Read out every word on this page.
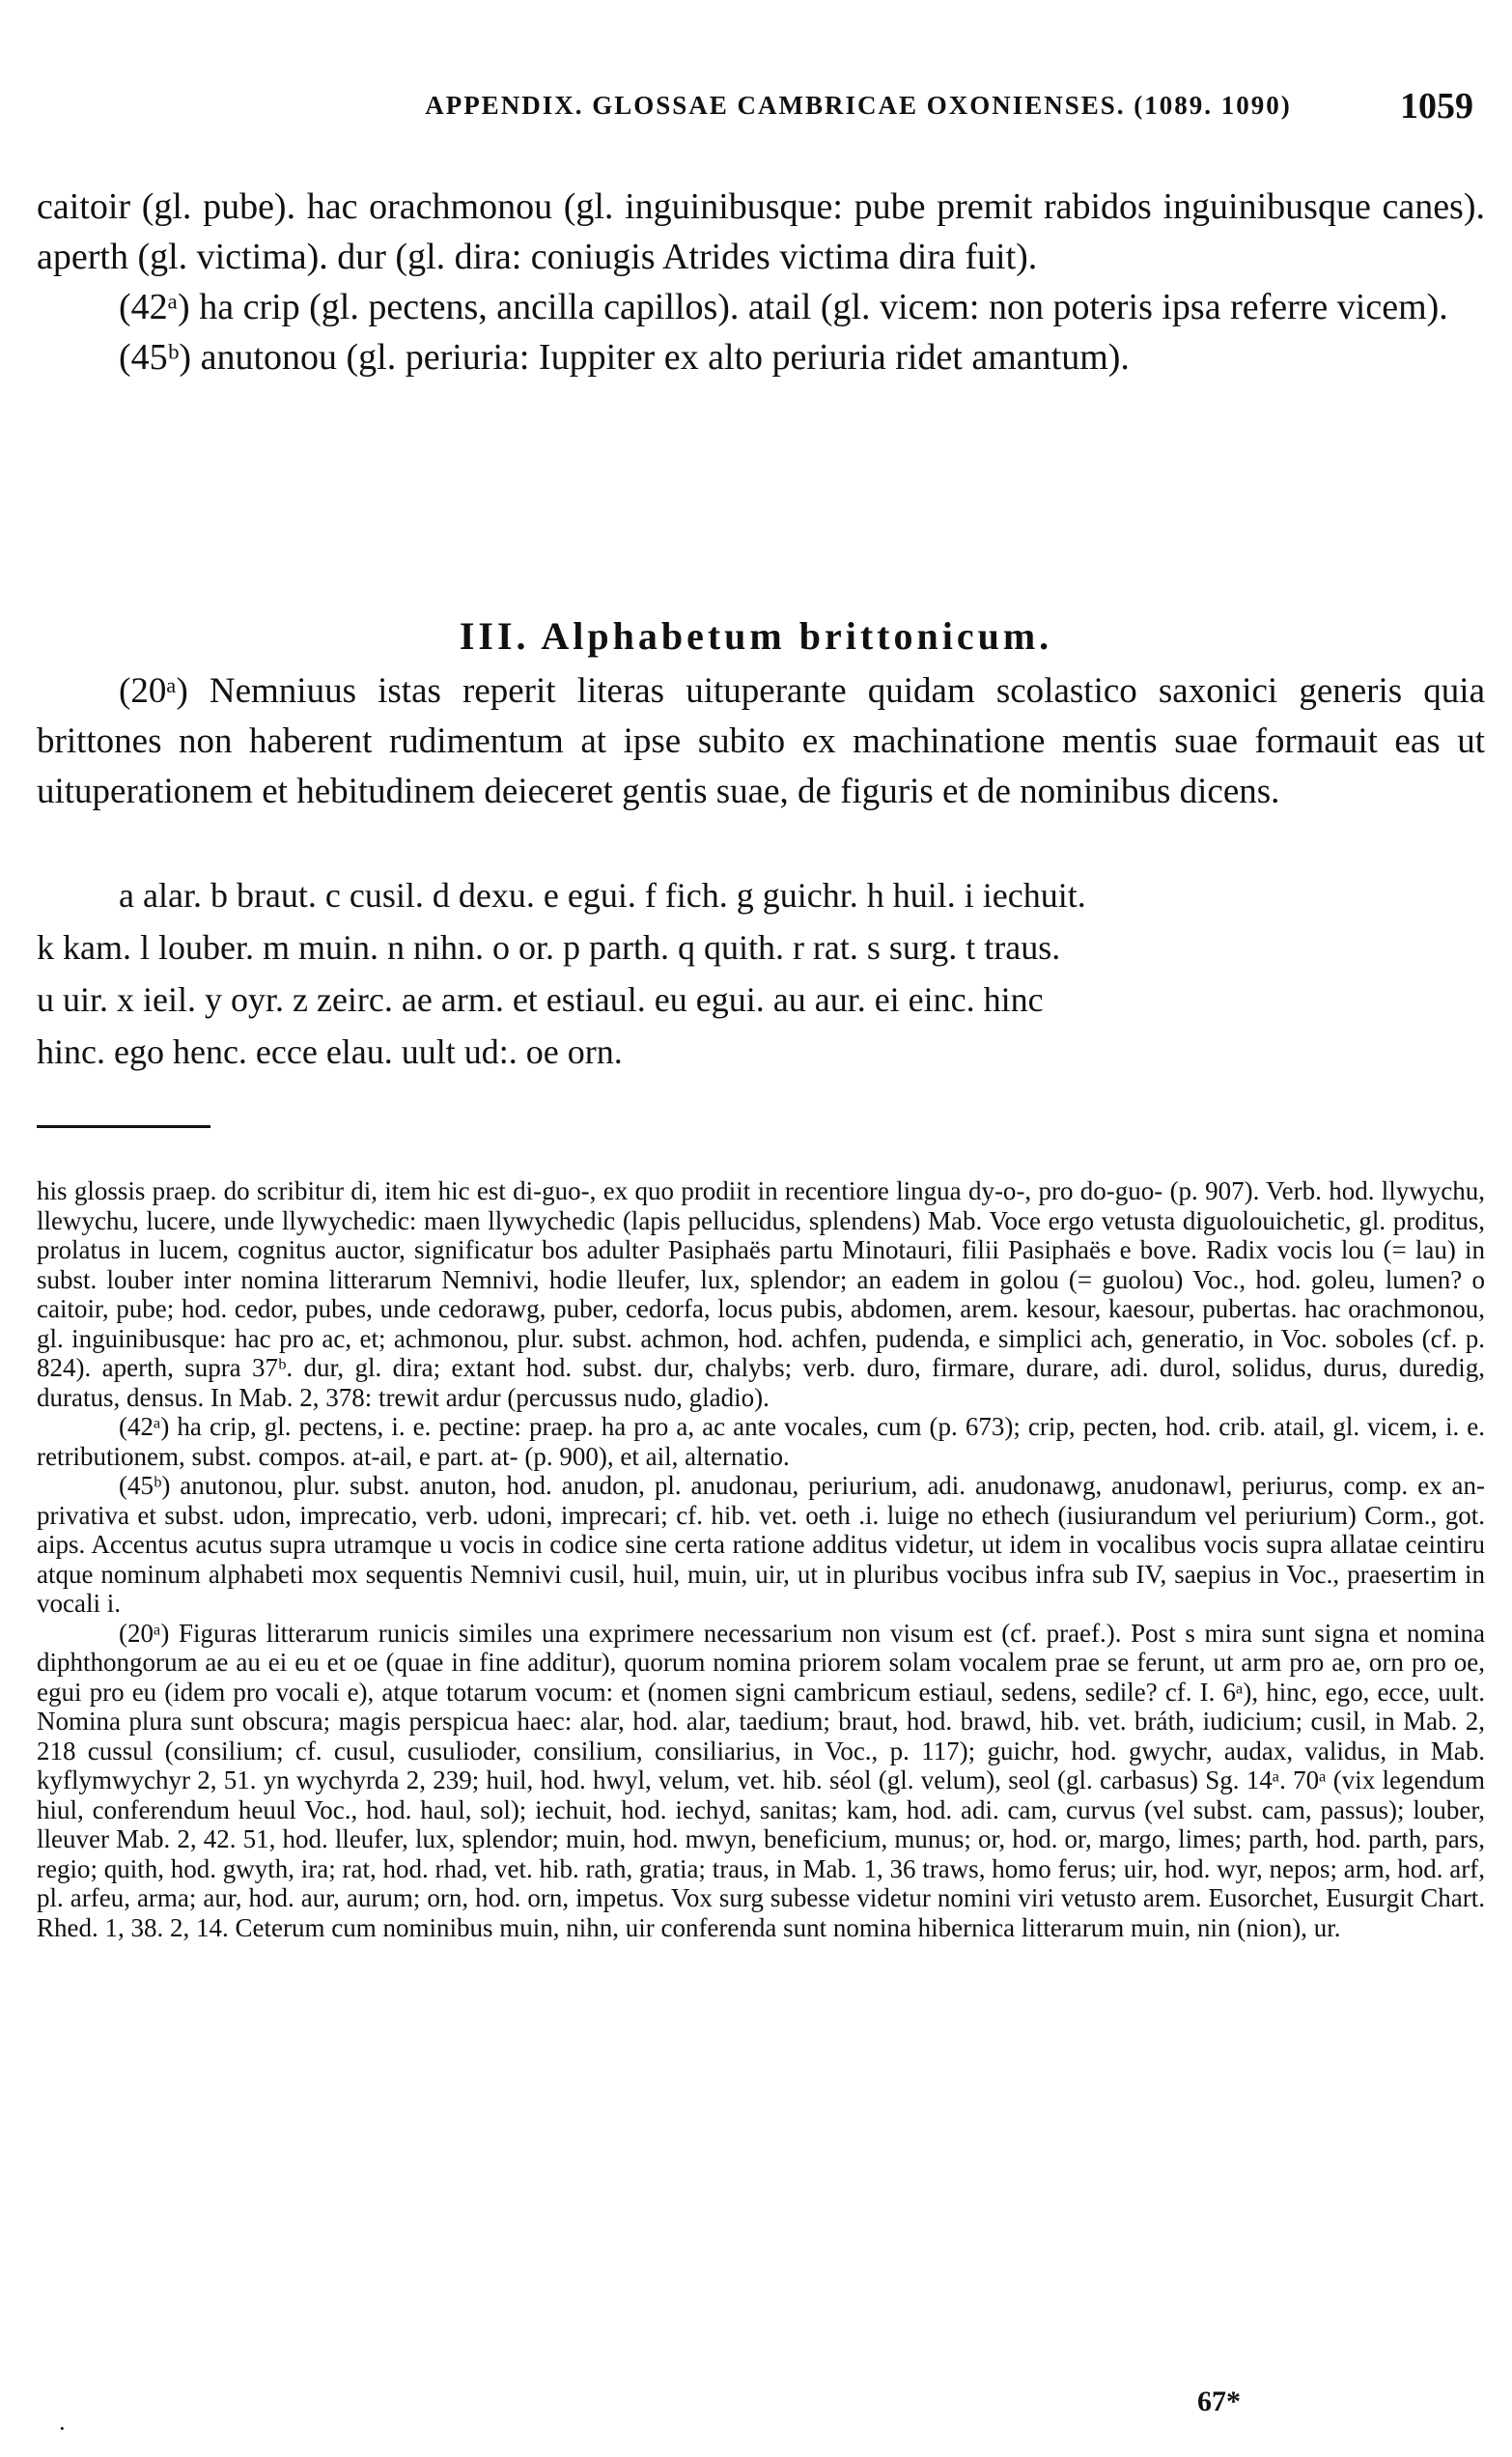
APPENDIX. GLOSSAE CAMBRICAE OXONIENSES. (1089. 1090)	1059

caitoir (gl. pube). hac orachmonou (gl. inguinibusque: pube premit rabidos inguinibusque canes). aperth (gl. victima). dur (gl. dira: coniugis Atrides victima dira fuit).

(42ᵃ) ha crip (gl. pectens, ancilla capillos). atail (gl. vicem: non poteris ipsa referre vicem).

(45ᵇ) anutonou (gl. periuria: Iuppiter ex alto periuria ridet amantum).

III. Alphabetum brittonicum.

(20ᵃ) Nemniuus istas reperit literas uituperante quidam scolastico saxonici generis quia brittones non haberent rudimentum at ipse subito ex machinatione mentis suae formauit eas ut uituperationem et hebitudinem deieceret gentis suae, de figuris et de nominibus dicens.

a alar. b braut. c cusil. d dexu. e egui. f fich. g guichr. h huil. i iechuit.

k kam. l louber. m muin. n nihn. o or. p parth. q quith. r rat. s surg. t traus.

u uir. x ieil. y oyr. z zeirc. ae arm. et estiaul. eu egui. au aur. ei einc. hinc

hinc. ego henc. ecce elau. uult ud:. oe orn.

his glossis praep. do scribitur di, item hic est di-guo-, ex quo prodiit in recentiore lingua dy-o-, pro do-guo- (p. 907). Verb. hod. llywychu, llewychu, lucere, unde llywychedic: maen llywychedic (lapis pellucidus, splendens) Mab. Voce ergo vetusta diguolouichetic, gl. proditus, prolatus in lucem, cognitus auctor, significatur bos adulter Pasiphaës partu Minotauri, filii Pasiphaës e bove. Radix vocis lou (= lau) in subst. louber inter nomina litterarum Nemnivi, hodie lleufer, lux, splendor; an eadem in golou (= guolou) Voc., hod. goleu, lumen? o caitoir, pube; hod. cedor, pubes, unde cedorawg, puber, cedorfa, locus pubis, abdomen, arem. kesour, kaesour, pubertas. hac orachmonou, gl. inguinibusque: hac pro ac, et; achmonou, plur. subst. achmon, hod. achfen, pudenda, e simplici ach, generatio, in Voc. soboles (cf. p. 824). aperth, supra 37ᵇ. dur, gl. dira; extant hod. subst. dur, chalybs; verb. duro, firmare, durare, adi. durol, solidus, durus, duredig, duratus, densus. In Mab. 2, 378: trewit ardur (percussus nudo, gladio).

(42ᵃ) ha crip, gl. pectens, i. e. pectine: praep. ha pro a, ac ante vocales, cum (p. 673); crip, pecten, hod. crib. atail, gl. vicem, i. e. retributionem, subst. compos. at-ail, e part. at- (p. 900), et ail, alternatio.

(45ᵇ) anutonou, plur. subst. anuton, hod. anudon, pl. anudonau, periurium, adi. anudonawg, anudonawl, periurus, comp. ex an- privativa et subst. udon, imprecatio, verb. udoni, imprecari; cf. hib. vet. oeth .i. luige no ethech (iusiurandum vel periurium) Corm., got. aips. Accentus acutus supra utramque u vocis in codice sine certa ratione additus videtur, ut idem in vocalibus vocis supra allatae ceintiru atque nominum alphabeti mox sequentis Nemnivi cusil, huil, muin, uir, ut in pluribus vocibus infra sub IV, saepius in Voc., praesertim in vocali i.

(20ᵃ) Figuras litterarum runicis similes una exprimere necessarium non visum est (cf. praef.). Post s mira sunt signa et nomina diphthongorum ae au ei eu et oe (quae in fine additur), quorum nomina priorem solam vocalem prae se ferunt, ut arm pro ae, orn pro oe, egui pro eu (idem pro vocali e), atque totarum vocum: et (nomen signi cambricum estiaul, sedens, sedile? cf. I. 6ᵃ), hinc, ego, ecce, uult. Nomina plura sunt obscura; magis perspicua haec: alar, hod. alar, taedium; braut, hod. brawd, hib. vet. bráth, iudicium; cusil, in Mab. 2, 218 cussul (consilium; cf. cusul, cusulioder, consilium, consiliarius, in Voc., p. 117); guichr, hod. gwychr, audax, validus, in Mab. kyflymwychyr 2, 51. yn wychyrda 2, 239; huil, hod. hwyl, velum, vet. hib. séol (gl. velum), seol (gl. carbasus) Sg. 14ᵃ. 70ᵃ (vix legendum hiul, conferendum heuul Voc., hod. haul, sol); iechuit, hod. iechyd, sanitas; kam, hod. adi. cam, curvus (vel subst. cam, passus); louber, lleuver Mab. 2, 42. 51, hod. lleufer, lux, splendor; muin, hod. mwyn, beneficium, munus; or, hod. or, margo, limes; parth, hod. parth, pars, regio; quith, hod. gwyth, ira; rat, hod. rhad, vet. hib. rath, gratia; traus, in Mab. 1, 36 traws, homo ferus; uir, hod. wyr, nepos; arm, hod. arf, pl. arfeu, arma; aur, hod. aur, aurum; orn, hod. orn, impetus. Vox surg subesse videtur nomini viri vetusto arem. Eusorchet, Eusurgit Chart. Rhed. 1, 38. 2, 14. Ceterum cum nominibus muin, nihn, uir conferenda sunt nomina hibernica litterarum muin, nin (nion), ur.

67*
·
